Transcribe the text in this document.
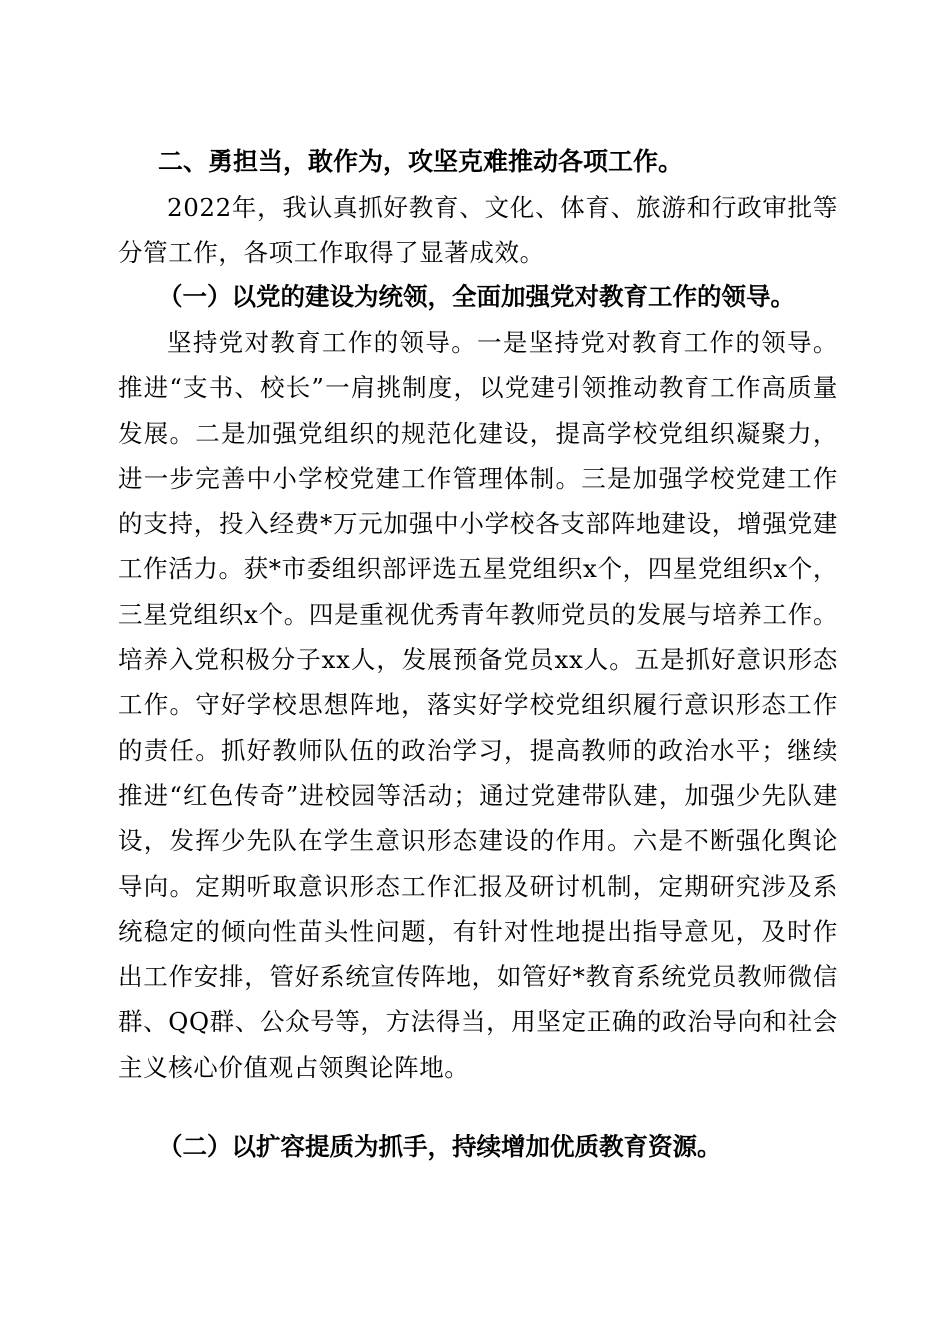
二、勇担当，敢作为，攻坚克难推动各项工作。
2022年，我认真抓好教育、文化、体育、旅游和行政审批等分管工作，各项工作取得了显著成效。
（一）以党的建设为统领，全面加强党对教育工作的领导。
坚持党对教育工作的领导。一是坚持党对教育工作的领导。推进“支书、校长”一肩挑制度，以党建引领推动教育工作高质量发展。二是加强党组织的规范化建设，提高学校党组织凝聚力，进一步完善中小学校党建工作管理体制。三是加强学校党建工作的支持，投入经费*万元加强中小学校各支部阵地建设，增强党建工作活力。获*市委组织部评选五星党组织x个，四星党组织x个，三星党组织x个。四是重视优秀青年教师党员的发展与培养工作。培养入党积极分子xx人，发展预备党员xx人。五是抓好意识形态工作。守好学校思想阵地，落实好学校党组织履行意识形态工作的责任。抓好教师队伍的政治学习，提高教师的政治水平；继续推进“红色传奇”进校园等活动；通过党建带队建，加强少先队建设，发挥少先队在学生意识形态建设的作用。六是不断强化舆论导向。定期听取意识形态工作汇报及研讨机制，定期研究涉及系统稳定的倾向性苗头性问题，有针对性地提出指导意见，及时作出工作安排，管好系统宣传阵地，如管好*教育系统党员教师微信群、QQ群、公众号等，方法得当，用坚定正确的政治导向和社会主义核心价值观占领舆论阵地。
（二）以扩容提质为抓手，持续增加优质教育资源。
